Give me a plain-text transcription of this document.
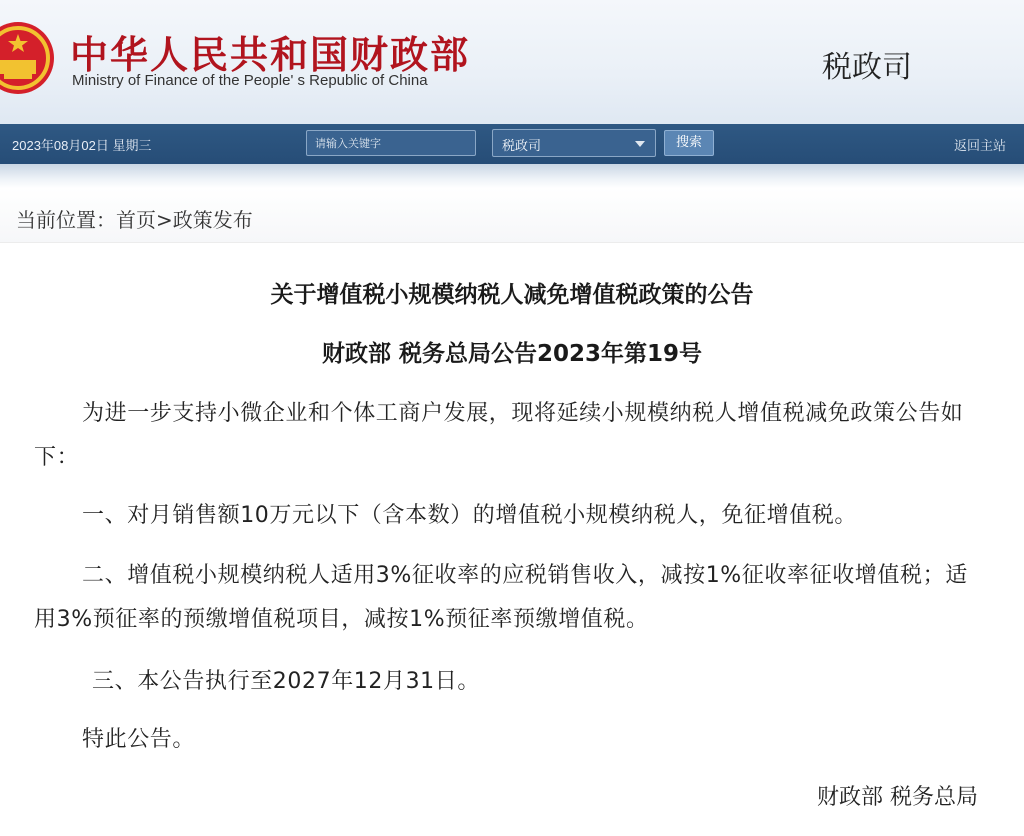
中华人民共和国财政部
Ministry of Finance of the People' s Republic of China	税政司
2023年08月02日 星期三
请输入关键字	税政司	搜索	返回主站
当前位置：首页>政策发布
关于增值税小规模纳税人减免增值税政策的公告
财政部 税务总局公告2023年第19号
为进一步支持小微企业和个体工商户发展，现将延续小规模纳税人增值税减免政策公告如下：
一、对月销售额10万元以下（含本数）的增值税小规模纳税人，免征增值税。
二、增值税小规模纳税人适用3%征收率的应税销售收入，减按1%征收率征收增值税；适用3%预征率的预缴增值税项目，减按1%预征率预缴增值税。
三、本公告执行至2027年12月31日。
特此公告。
财政部 税务总局
